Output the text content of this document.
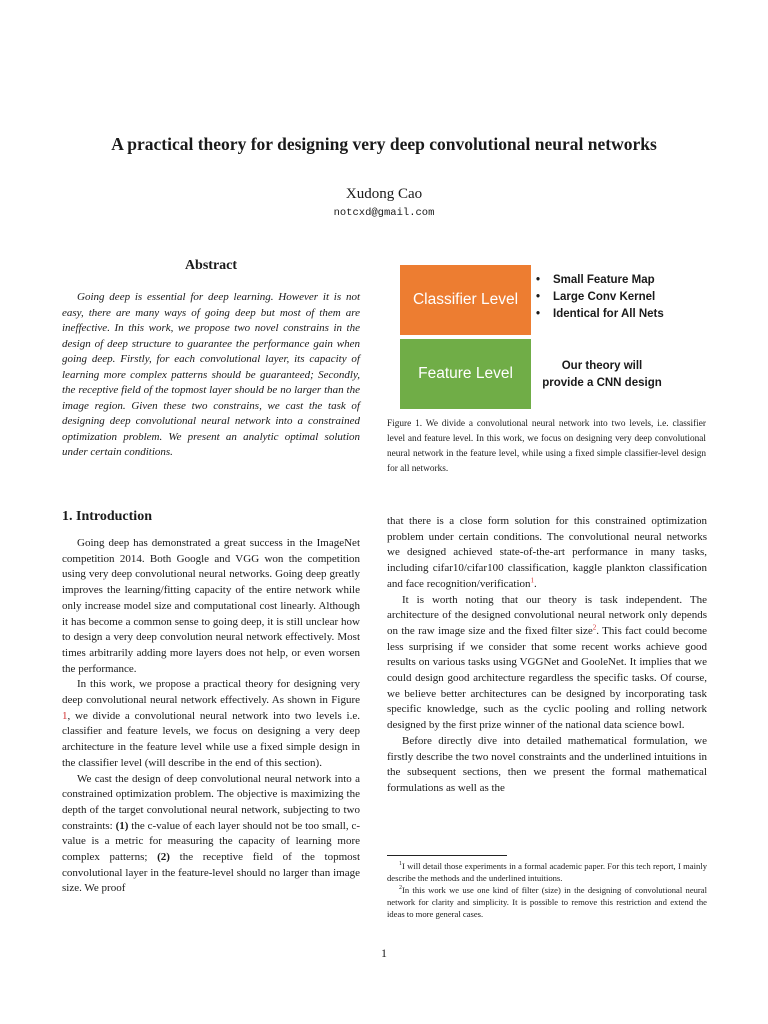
A practical theory for designing very deep convolutional neural networks
Xudong Cao
notcxd@gmail.com
Abstract

Going deep is essential for deep learning. However it is not easy, there are many ways of going deep but most of them are ineffective. In this work, we propose two novel constrains in the design of deep structure to guarantee the performance gain when going deep. Firstly, for each convolutional layer, its capacity of learning more complex patterns should be guaranteed; Secondly, the receptive field of the topmost layer should be no larger than the image region. Given these two constrains, we cast the task of designing deep convolutional neural network into a constrained optimization problem. We present an analytic optimal solution under certain conditions.

Classifier Level
Feature Level
• Small Feature Map
• Large Conv Kernel
• Identical for All Nets
Our theory will
provide a CNN design

Figure 1. We divide a convolutional neural network into two levels, i.e. classifier level and feature level. In this work, we focus on designing very deep convolutional neural network in the feature level, while using a fixed simple classifier-level design for all networks.

1. Introduction

Going deep has demonstrated a great success in the ImageNet competition 2014. Both Google and VGG won the competition using very deep convolutional neural networks. Going deep greatly improves the learning/fitting capacity of the entire network while only increase model size and computational cost linearly. Although it has become a common sense to going deep, it is still unclear how to design a very deep convolution neural network effectively. Most times arbitrarily adding more layers does not help, or even worsen the performance.

In this work, we propose a practical theory for designing very deep convolutional neural network effectively. As shown in Figure 1, we divide a convolutional neural network into two levels i.e. classifier and feature levels, we focus on designing a very deep architecture in the feature level while use a fixed simple design in the classifier level (will describe in the end of this section).

We cast the design of deep convolutional neural network into a constrained optimization problem. The objective is maximizing the depth of the target convolutional neural network, subjecting to two constraints: (1) the c-value of each layer should not be too small, c-value is a metric for measuring the capacity of learning more complex patterns; (2) the receptive field of the topmost convolutional layer in the feature-level should no larger than image size. We proof

that there is a close form solution for this constrained optimization problem under certain conditions. The convolutional neural networks we designed achieved state-of-the-art performance in many tasks, including cifar10/cifar100 classification, kaggle plankton classification and face recognition/verification$^1$.

It is worth noting that our theory is task independent. The architecture of the designed convolutional neural network only depends on the raw image size and the fixed filter size$^2$. This fact could become less surprising if we consider that some recent works achieve good results on various tasks using VGGNet and GooleNet. It implies that we could design good architecture regardless the specific tasks. Of course, we believe better architectures can be designed by incorporating task specific knowledge, such as the cyclic pooling and rolling network designed by the first prize winner of the national data science bowl.

Before directly dive into detailed mathematical formulation, we firstly describe the two novel constraints and the underlined intuitions in the subsequent sections, then we present the formal mathematical formulations as well as the

$^1$I will detail those experiments in a formal academic paper. For this tech report, I mainly describe the methods and the underlined intuitions.

$^2$In this work we use one kind of filter (size) in the designing of convolutional neural network for clarity and simplicity. It is possible to remove this restriction and extend the ideas to more general cases.

1
